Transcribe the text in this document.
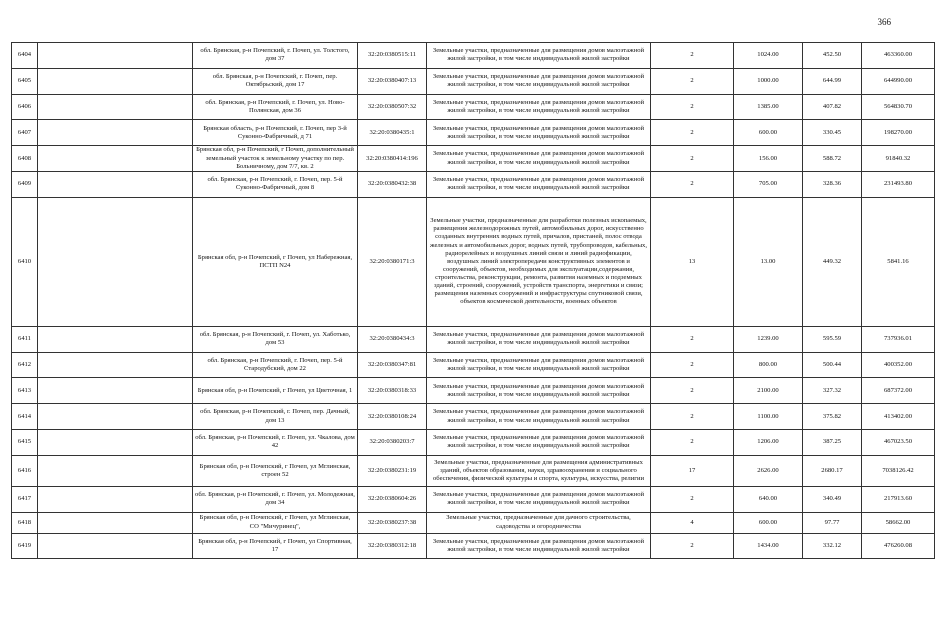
366
6404		обл. Брянская, р-н Почепский, г. Почеп, ул. Толстого, дом 37	32:20:0380515:11	Земельные участки, предназначенные для размещения домов малоэтажной жилой застройки, в том числе индивидуальной жилой застройки	2	1024.00	452.50	463360.00
6405		обл. Брянская, р-н Почепский, г. Почеп, пер. Октябрьский, дом 17	32:20:0380407:13	Земельные участки, предназначенные для размещения домов малоэтажной жилой застройки, в том числе индивидуальной жилой застройки	2	1000.00	644.99	644990.00
6406		обл. Брянская, р-н Почепский, г. Почеп, ул. Ново-Полянская, дом 36	32:20:0380507:32	Земельные участки, предназначенные для размещения домов малоэтажной жилой застройки, в том числе индивидуальной жилой застройки	2	1385.00	407.82	564830.70
6407		Брянская область, р-н Почепский, г. Почеп, пер 3-й Суконно-Фабричный, д 71	32:20:0380435:1	Земельные участки, предназначенные для размещения домов малоэтажной жилой застройки, в том числе индивидуальной жилой застройки	2	600.00	330.45	198270.00
6408		Брянская обл, р-н Почепский, г Почеп, дополнительный земельный участок к земельному участку по пер. Больничному, дом 7/7, кв. 2	32:20:0380414:196	Земельные участки, предназначенные для размещения домов малоэтажной жилой застройки, в том числе индивидуальной жилой застройки	2	156.00	588.72	91840.32
6409		обл. Брянская, р-н Почепский, г. Почеп, пер. 5-й Суконно-Фабричный, дом 8	32:20:0380432:38	Земельные участки, предназначенные для размещения домов малоэтажной жилой застройки, в том числе индивидуальной жилой застройки	2	705.00	328.36	231493.80
6410		Брянская обл, р-н Почепский, г Почеп, ул Набережная, ПСТП N24	32:20:0380171:3	Земельные участки, предназначенные для разработки полезных ископаемых, размещения железнодорожных путей, автомобильных дорог, искусственно созданных внутренних водных путей, причалов, пристаней, полос отвода железных и автомобильных дорог, водных путей, трубопроводов, кабельных, радиорелейных и воздушных линий связи и линий радиофикации, воздушных линий электропередачи конструктивных элементов и сооружений, объектов, необходимых для эксплуатации,содержания, строительства, реконструкции, ремонта, развития наземных и подземных зданий, строений, сооружений, устройств транспорта, энергетики и связи; размещения наземных сооружений и инфраструктуры спутниковой связи, объектов космической деятельности, военных объектов	13	13.00	449.32	5841.16
6411		обл. Брянская, р-н Почепский, г. Почеп, ул. Хаботько, дом 53	32:20:0380434:3	Земельные участки, предназначенные для размещения домов малоэтажной жилой застройки, в том числе индивидуальной жилой застройки	2	1239.00	595.59	737936.01
6412		обл. Брянская, р-н Почепский, г. Почеп, пер. 5-й Стародубский, дом 22	32:20:0380347:81	Земельные участки, предназначенные для размещения домов малоэтажной жилой застройки, в том числе индивидуальной жилой застройки	2	800.00	500.44	400352.00
6413		Брянская обл, р-н Почепский, г Почеп, ул Цветочная, 1	32:20:0380318:33	Земельные участки, предназначенные для размещения домов малоэтажной жилой застройки, в том числе индивидуальной жилой застройки	2	2100.00	327.32	687372.00
6414		обл. Брянская, р-н Почепский, г. Почеп, пер. Дачный, дом 13	32:20:0380108:24	Земельные участки, предназначенные для размещения домов малоэтажной жилой застройки, в том числе индивидуальной жилой застройки	2	1100.00	375.82	413402.00
6415		обл. Брянская, р-н Почепский, г. Почеп, ул. Чкалова, дом 42	32:20:0380203:7	Земельные участки, предназначенные для размещения домов малоэтажной жилой застройки, в том числе индивидуальной жилой застройки	2	1206.00	387.25	467023.50
6416		Брянская обл, р-н Почепский, г Почеп, ул Мглинская, строен 52	32:20:0380231:19	Земельные участки, предназначенные для размещения административных зданий, объектов образования, науки, здравоохранения и социального обеспечения, физической культуры и спорта, культуры, искусства, религии	17	2626.00	2680.17	7038126.42
6417		обл. Брянская, р-н Почепский, г. Почеп, ул. Молодежная, дом 34	32:20:0380604:26	Земельные участки, предназначенные для размещения домов малоэтажной жилой застройки, в том числе индивидуальной жилой застройки	2	640.00	340.49	217913.60
6418		Брянская обл, р-н Почепский, г Почеп, ул Мглинская, СО "Мичуринец",	32:20:0380237:38	Земельные участки, предназначенные для дачного строительства, садоводства и огородничества	4	600.00	97.77	58662.00
6419		Брянская обл, р-н Почепский, г Почеп, ул Спортивная, 17	32:20:0380312:18	Земельные участки, предназначенные для размещения домов малоэтажной жилой застройки, в том числе индивидуальной жилой застройки	2	1434.00	332.12	476260.08
